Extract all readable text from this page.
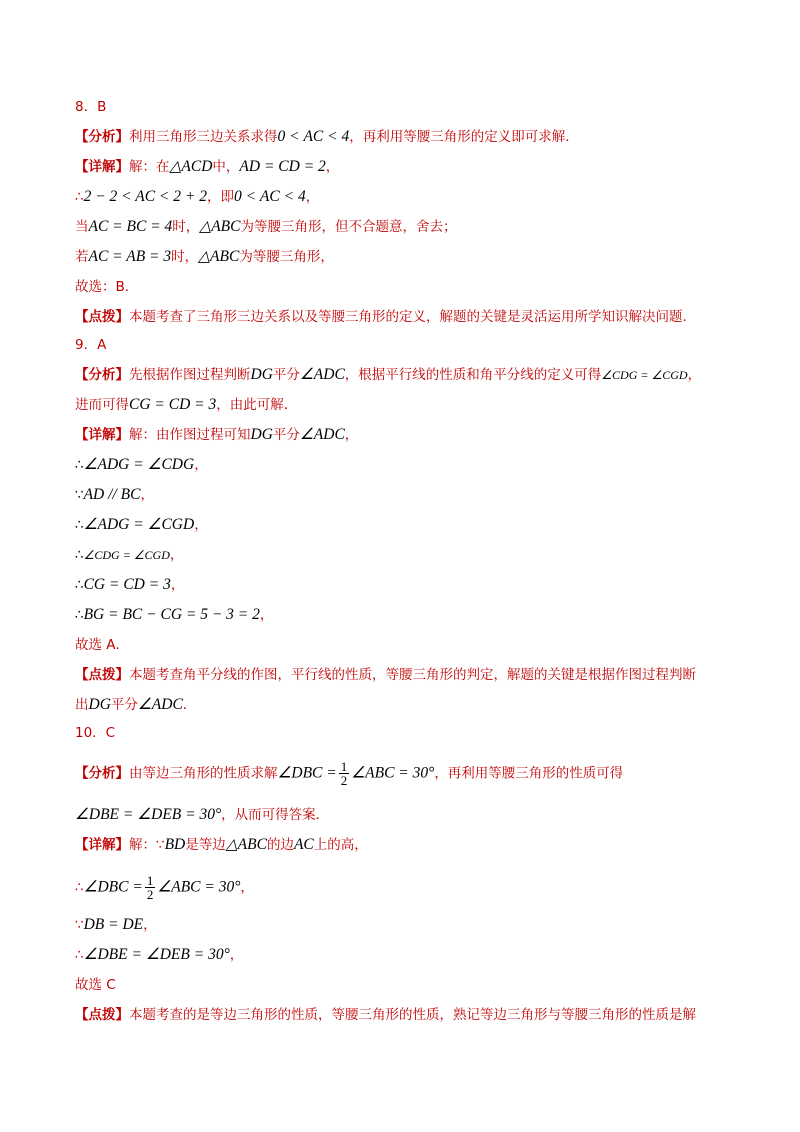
8．B
【分析】利用三角形三边关系求得0 < AC < 4，再利用等腰三角形的定义即可求解．
【详解】解：在△ACD中，AD = CD = 2，
∴2 − 2 < AC < 2 + 2，即0 < AC < 4，
当AC = BC = 4时，△ABC为等腰三角形，但不合题意，舍去；
若AC = AB = 3时，△ABC为等腰三角形，
故选：B．
【点拨】本题考查了三角形三边关系以及等腰三角形的定义，解题的关键是灵活运用所学知识解决问题．
9．A
【分析】先根据作图过程判断DG平分∠ADC，根据平行线的性质和角平分线的定义可得∠CDG = ∠CGD，
进而可得CG = CD = 3，由此可解．
【详解】解：由作图过程可知DG平分∠ADC，
∴∠ADG = ∠CDG，
∵AD // BC，
∴∠ADG = ∠CGD，
∴∠CDG = ∠CGD，
∴CG = CD = 3，
∴BG = BC − CG = 5 − 3 = 2，
故选 A．
【点拨】本题考查角平分线的作图，平行线的性质，等腰三角形的判定，解题的关键是根据作图过程判断
出DG平分∠ADC．
10．C
【分析】由等边三角形的性质求解∠DBC = $\frac{1}{2}$ ∠ABC = 30°，再利用等腰三角形的性质可得
∠DBE = ∠DEB = 30°，从而可得答案．
【详解】解：∵BD是等边△ABC的边AC上的高，
∴∠DBC = $\frac{1}{2}$ ∠ABC = 30°，
∵DB = DE，
∴∠DBE = ∠DEB = 30°，
故选 C
【点拨】本题考查的是等边三角形的性质，等腰三角形的性质，熟记等边三角形与等腰三角形的性质是解
